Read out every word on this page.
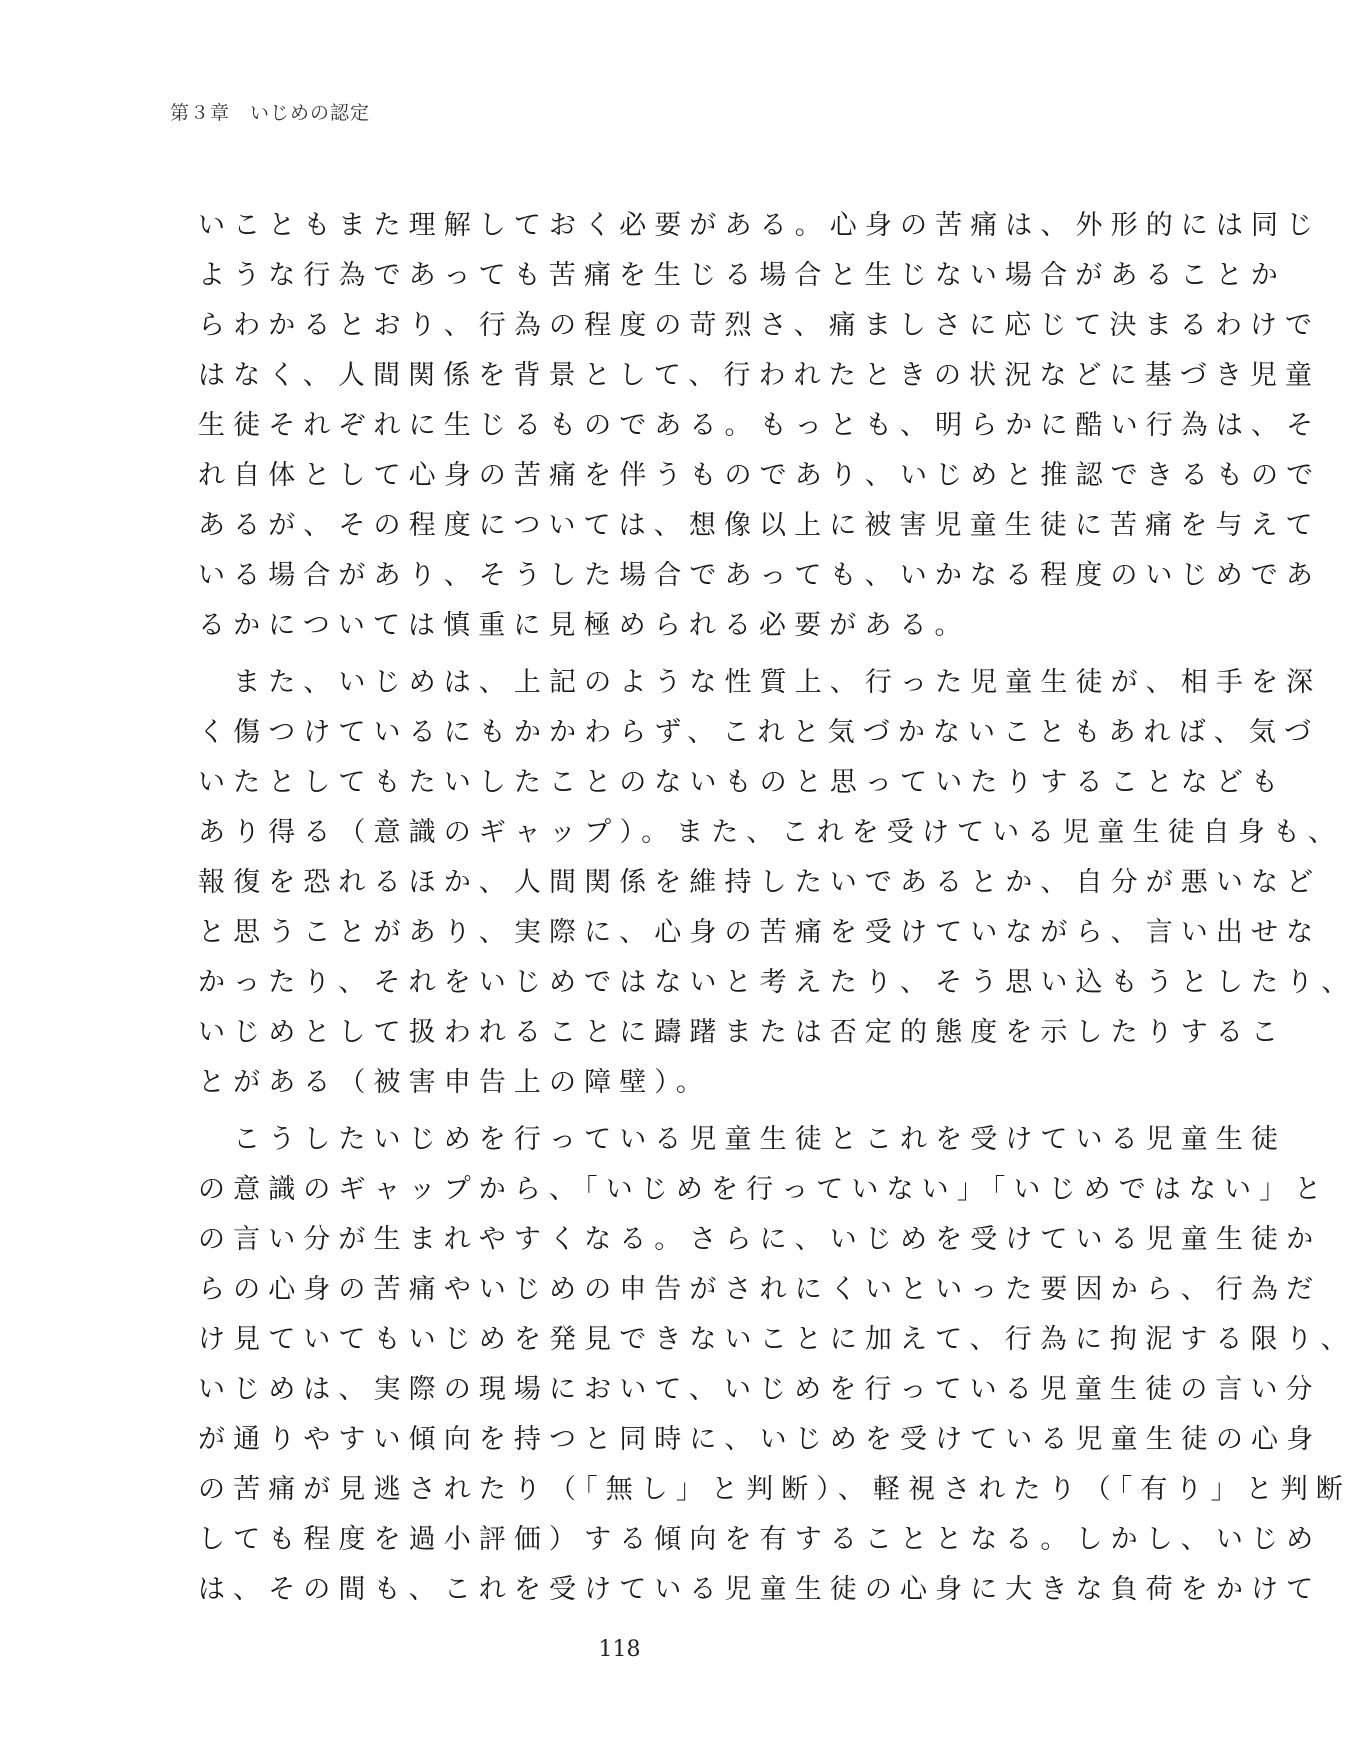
第３章　いじめの認定
いこともまた理解しておく必要がある。心身の苦痛は、外形的には同じ
ような行為であっても苦痛を生じる場合と生じない場合があることか
らわかるとおり、行為の程度の苛烈さ、痛ましさに応じて決まるわけで
はなく、人間関係を背景として、行われたときの状況などに基づき児童
生徒それぞれに生じるものである。もっとも、明らかに酷い行為は、そ
れ自体として心身の苦痛を伴うものであり、いじめと推認できるもので
あるが、その程度については、想像以上に被害児童生徒に苦痛を与えて
いる場合があり、そうした場合であっても、いかなる程度のいじめであ
るかについては慎重に見極められる必要がある。
　また、いじめは、上記のような性質上、行った児童生徒が、相手を深
く傷つけているにもかかわらず、これと気づかないこともあれば、気づ
いたとしてもたいしたことのないものと思っていたりすることなども
あり得る（意識のギャップ）。また、これを受けている児童生徒自身も、
報復を恐れるほか、人間関係を維持したいであるとか、自分が悪いなど
と思うことがあり、実際に、心身の苦痛を受けていながら、言い出せな
かったり、それをいじめではないと考えたり、そう思い込もうとしたり、
いじめとして扱われることに躊躇または否定的態度を示したりするこ
とがある（被害申告上の障壁）。
　こうしたいじめを行っている児童生徒とこれを受けている児童生徒
の意識のギャップから、「いじめを行っていない」「いじめではない」と
の言い分が生まれやすくなる。さらに、いじめを受けている児童生徒か
らの心身の苦痛やいじめの申告がされにくいといった要因から、行為だ
け見ていてもいじめを発見できないことに加えて、行為に拘泥する限り、
いじめは、実際の現場において、いじめを行っている児童生徒の言い分
が通りやすい傾向を持つと同時に、いじめを受けている児童生徒の心身
の苦痛が見逃されたり（「無し」と判断）、軽視されたり（「有り」と判断
しても程度を過小評価）する傾向を有することとなる。しかし、いじめ
は、その間も、これを受けている児童生徒の心身に大きな負荷をかけて
118
